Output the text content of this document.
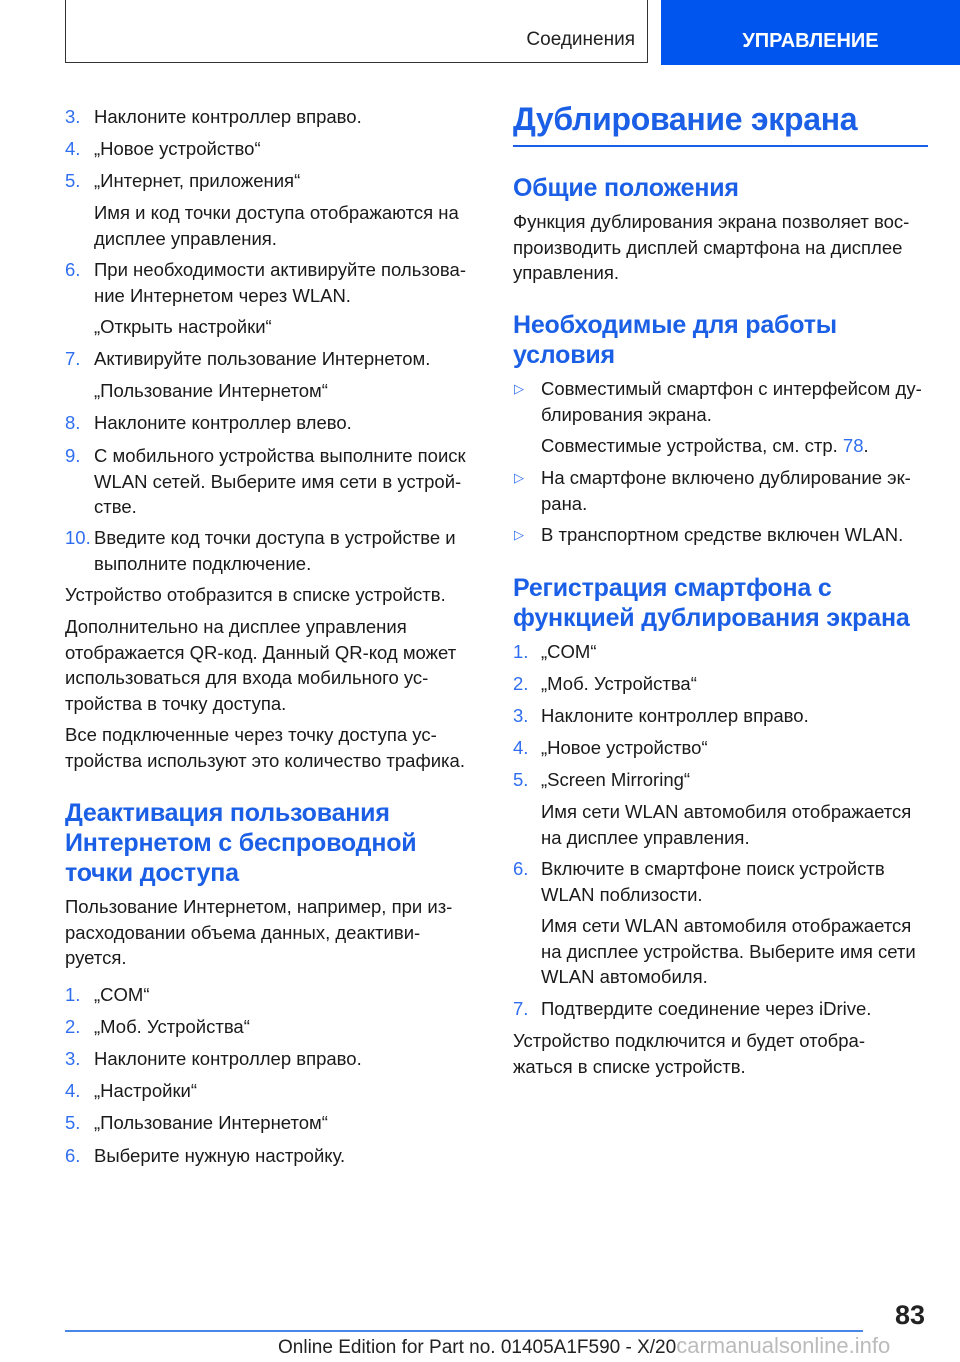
Соединения	УПРАВЛЕНИЕ
3. Наклоните контроллер вправо.
4. „Новое устройство“
5. „Интернет, приложения“
Имя и код точки доступа отображаются на
дисплее управления.
6. При необходимости активируйте пользова-
ние Интернетом через WLAN.
„Открыть настройки“
7. Активируйте пользование Интернетом.
„Пользование Интернетом“
8. Наклоните контроллер влево.
9. С мобильного устройства выполните поиск
WLAN сетей. Выберите имя сети в устрой-
стве.
10. Введите код точки доступа в устройстве и
выполните подключение.
Устройство отобразится в списке устройств.
Дополнительно на дисплее управления
отображается QR-код. Данный QR-код может
использоваться для входа мобильного ус-
тройства в точку доступа.
Все подключенные через точку доступа ус-
тройства используют это количество трафика.
Деактивация пользования
Интернетом с беспроводной
точки доступа
Пользование Интернетом, например, при из-
расходовании объема данных, деактиви-
руется.
1. „COM“
2. „Моб. Устройства“
3. Наклоните контроллер вправо.
4. „Настройки“
5. „Пользование Интернетом“
6. Выберите нужную настройку.
Дублирование экрана
Общие положения
Функция дублирования экрана позволяет вос-
производить дисплей смартфона на дисплее
управления.
Необходимые для работы
условия
▷ Совместимый смартфон с интерфейсом ду-
блирования экрана.
Совместимые устройства, см. стр. 78.
▷ На смартфоне включено дублирование эк-
рана.
▷ В транспортном средстве включен WLAN.
Регистрация смартфона с
функцией дублирования экрана
1. „COM“
2. „Моб. Устройства“
3. Наклоните контроллер вправо.
4. „Новое устройство“
5. „Screen Mirroring“
Имя сети WLAN автомобиля отображается
на дисплее управления.
6. Включите в смартфоне поиск устройств
WLAN поблизости.
Имя сети WLAN автомобиля отображается
на дисплее устройства. Выберите имя сети
WLAN автомобиля.
7. Подтвердите соединение через iDrive.
Устройство подключится и будет отобра-
жаться в списке устройств.
83
Online Edition for Part no. 01405A1F590 - X/20carmanualsonline.info
